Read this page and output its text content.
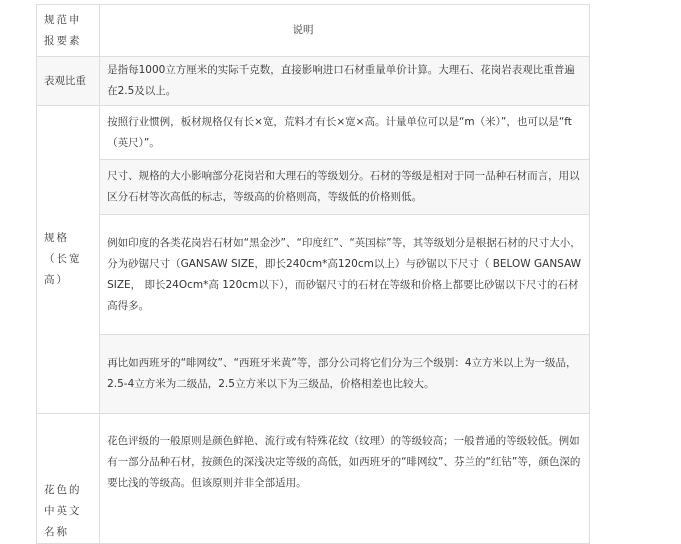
规范申报要素	说明
表观比重	是指每1000立方厘米的实际千克数，直接影响进口石材重量单价计算。大理石、花岗岩表观比重普遍在2.5及以上。
规格（长宽高）	按照行业惯例，板材规格仅有长×宽，荒料才有长×宽×高。计量单位可以是“m（米）”，也可以是“ft（英尺）”。
	尺寸、规格的大小影响部分花岗岩和大理石的等级划分。石材的等级是相对于同一品种石材而言，用以区分石材等次高低的标志，等级高的价格则高，等级低的价格则低。
	例如印度的各类花岗岩石材如“黑金沙”、“印度红”、“英国棕”等，其等级划分是根据石材的尺寸大小，分为砂锯尺寸（GANSAW SIZE，即长240cm*高120cm以上）与砂锯以下尺寸（ BELOW GANSAW SIZE， 即长24Ocm*高 120cm以下），而砂锯尺寸的石材在等级和价格上都要比砂锯以下尺寸的石材高得多。
	再比如西班牙的“啡网纹”、“西班牙米黄”等，部分公司将它们分为三个级别：4立方米以上为一级品， 2.5-4立方米为二级品，2.5立方米以下为三级品，价格相差也比较大。
花色的中英文名称	花色评级的一般原则是颜色鲜艳、流行或有特殊花纹（纹理）的等级较高；一般普通的等级较低。例如有一部分品种石材，按颜色的深浅决定等级的高低，如西班牙的“啡网纹”、芬兰的“红钻”等，颜色深的要比浅的等级高。但该原则并非全部适用。
